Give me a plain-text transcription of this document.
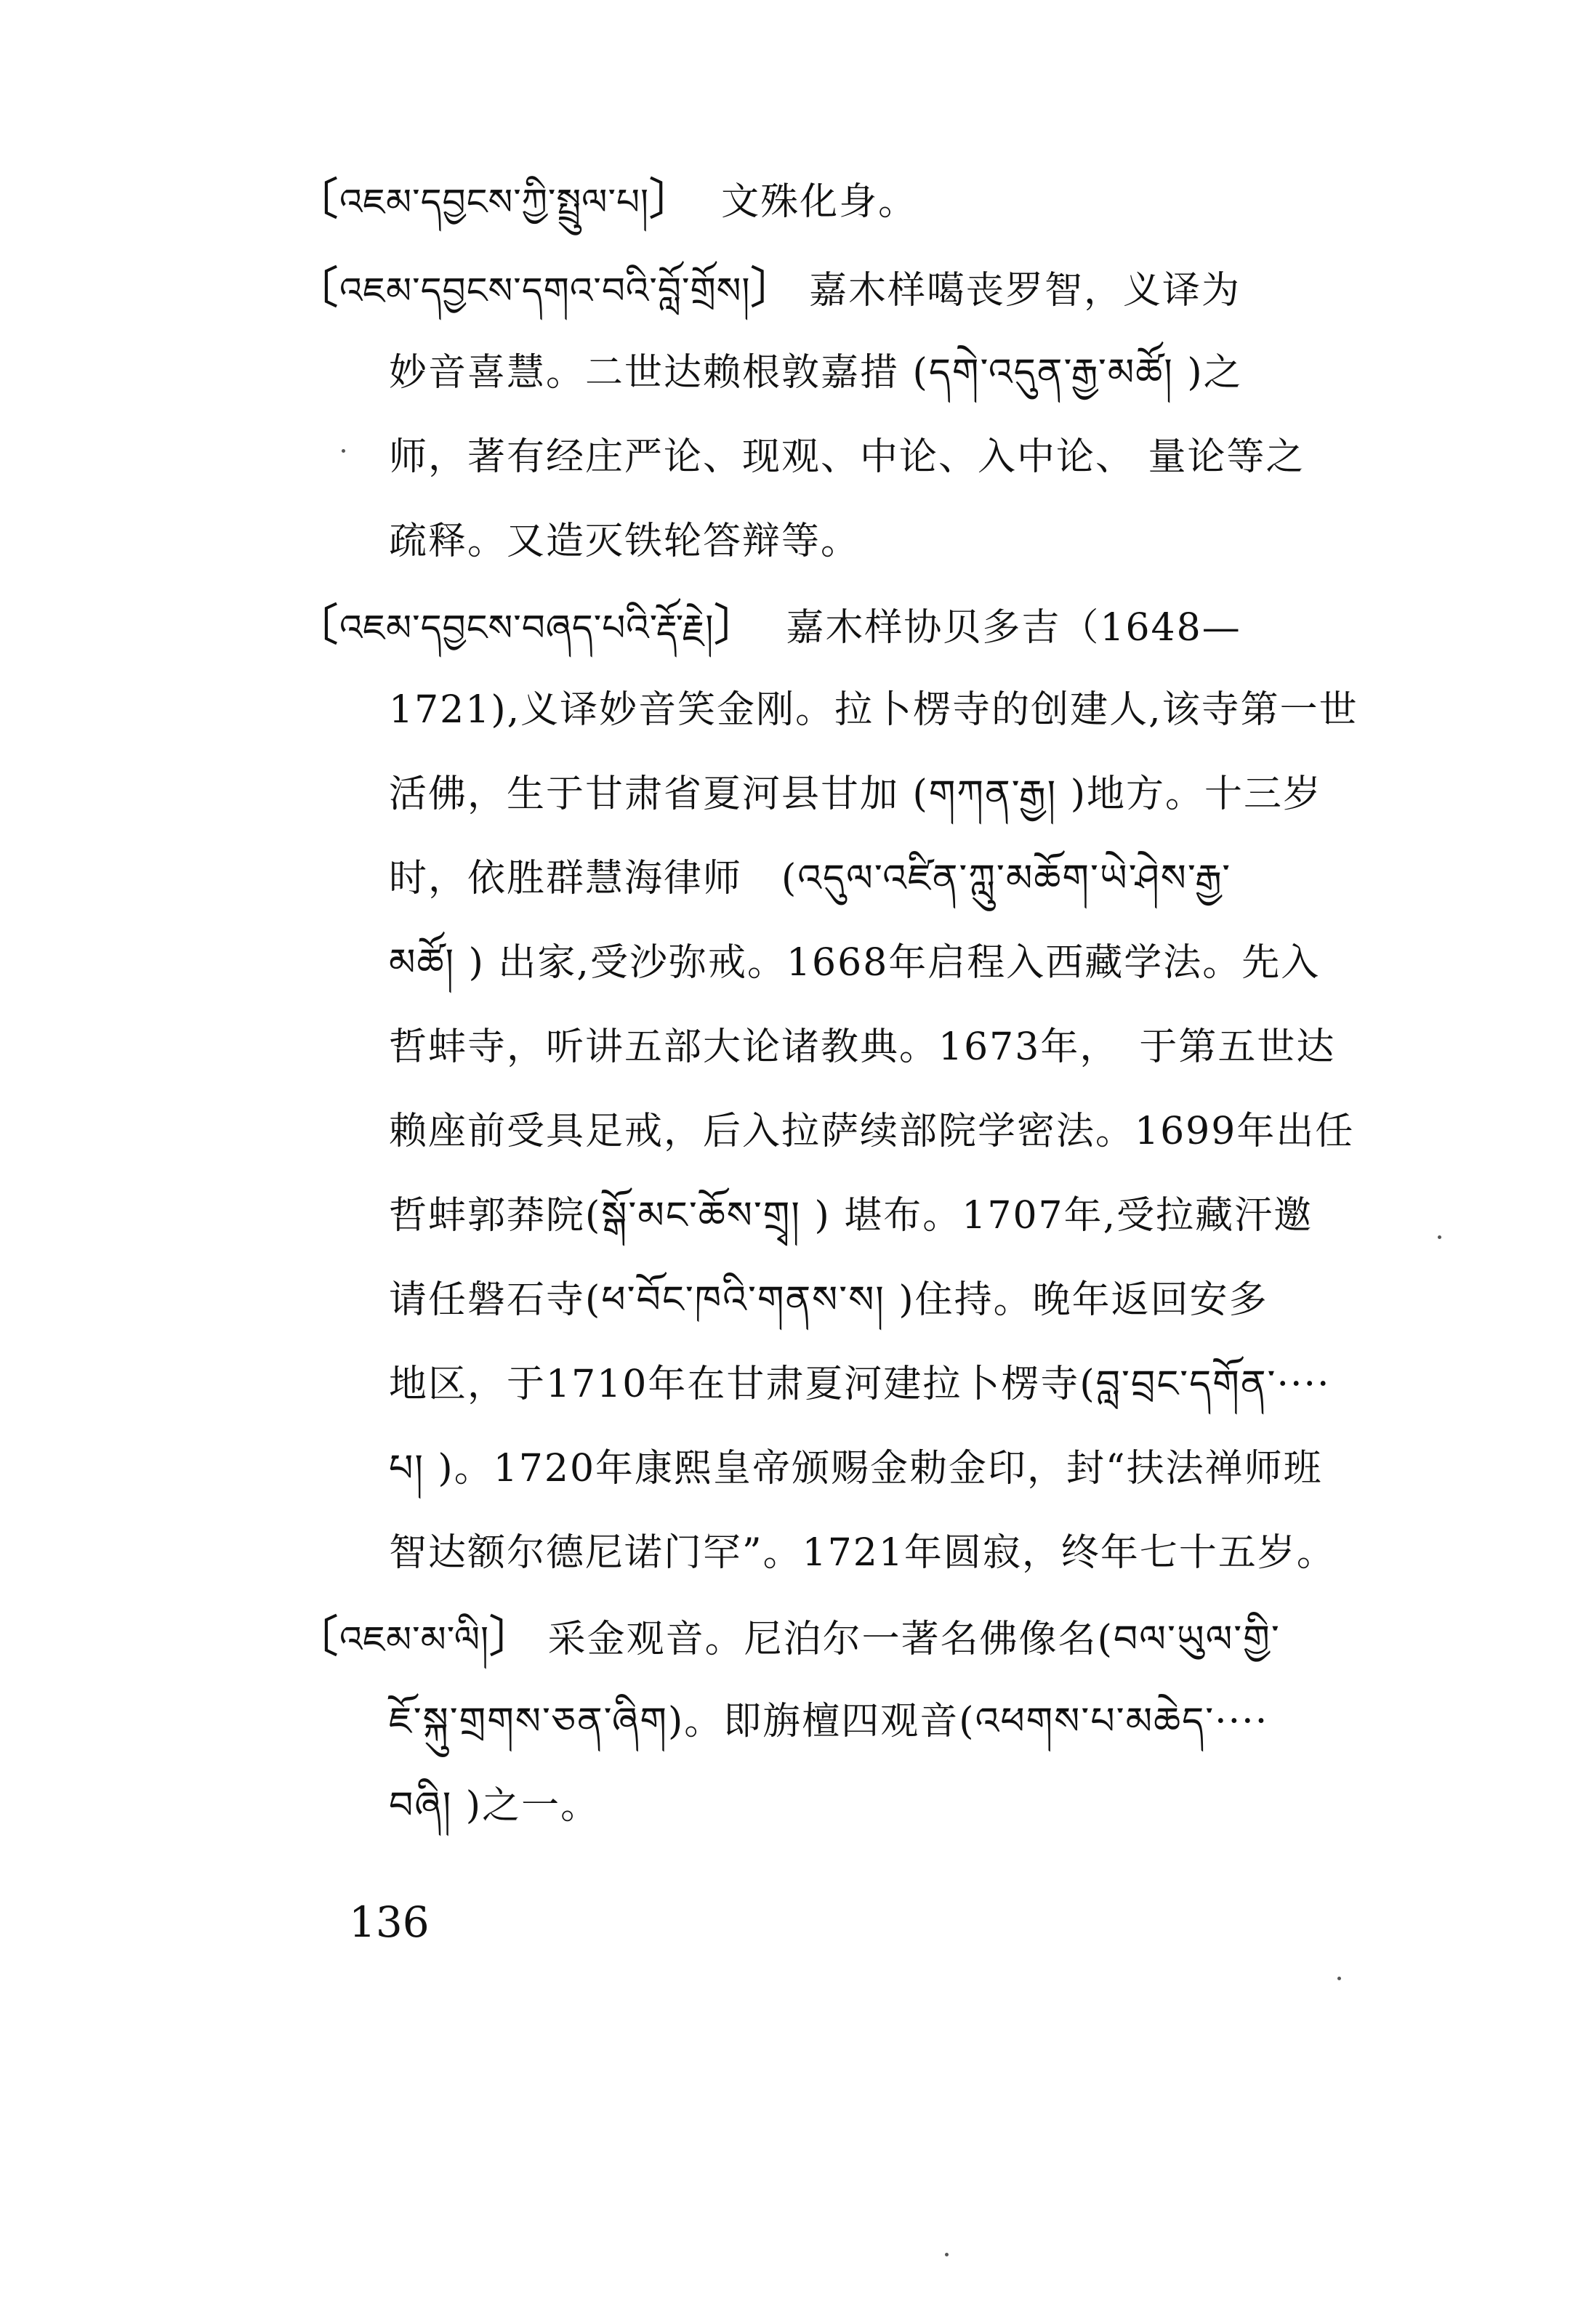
〔འཇམ་དབྱངས་ཀྱི་སྤྲུལ་པ།〕 文殊化身。
〔འཇམ་དབྱངས་དགའ་བའི་བློ་གྲོས།〕 嘉木样噶丧罗智，义译为
妙音喜慧。二世达赖根敦嘉措 (དགེ་འདུན་རྒྱ་མཚོ། )之
师，著有经庄严论、现观、中论、入中论、 量论等之
疏释。又造灭铁轮答辩等。
〔འཇམ་དབྱངས་བཞད་པའི་རྡོ་རྗེ།〕 嘉木样协贝多吉（1648—
1721),义译妙音笑金刚。拉卜楞寺的创建人,该寺第一世
活佛，生于甘肃省夏河县甘加 (གཀན་རྒྱ། )地方。十三岁
时，依胜群慧海律师　(འདུལ་འཛིན་ཀླུ་མཆོག་ཡེ་ཤེས་རྒྱ་
མཚོ། ) 出家,受沙弥戒。1668年启程入西藏学法。先入
哲蚌寺，听讲五部大论诸教典。1673年，　于第五世达
赖座前受具足戒，后入拉萨续部院学密法。1699年出任
哲蚌郭莽院(སྒོ་མང་ཆོས་གྲྭ། ) 堪布。1707年,受拉藏汗邀
请任磐石寺(ཕ་བོང་ཁའི་གནས་ས། )住持。晚年返回安多
地区，于1710年在甘肃夏河建拉卜楞寺(བླ་བྲང་དགོན་····
པ། )。1720年康熙皇帝颁赐金勅金印，封“扶法禅师班
智达额尔德尼诺门罕”。1721年圆寂，终年七十五岁。
〔འཇམ་མ་ལི།〕 采金观音。尼泊尔一著名佛像名(བལ་ཡུལ་གྱི་
ཇོ་སྐུ་གྲགས་ཅན་ཞིག)。即旃檀四观音(འཕགས་པ་མཆེད་····
བཞི། )之一。
136
